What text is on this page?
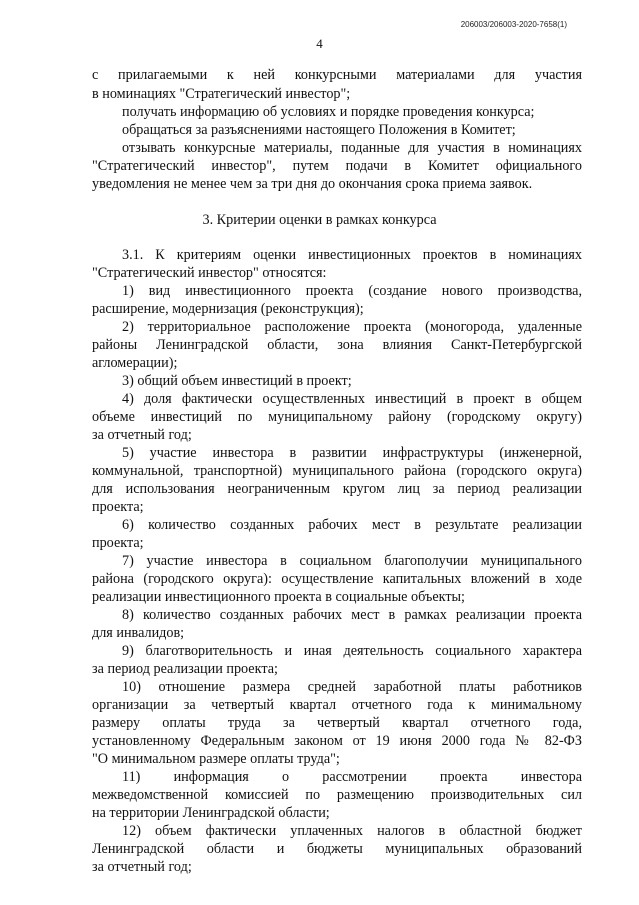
206003/206003-2020-7658(1)
4
с прилагаемыми к ней конкурсными материалами для участия
в номинациях "Стратегический инвестор";
получать информацию об условиях и порядке проведения конкурса;
обращаться за разъяснениями настоящего Положения в Комитет;
отзывать конкурсные материалы, поданные для участия в номинациях
"Стратегический инвестор", путем подачи в Комитет официального
уведомления не менее чем за три дня до окончания срока приема заявок.
3. Критерии оценки в рамках конкурса
3.1. К критериям оценки инвестиционных проектов в номинациях
"Стратегический инвестор" относятся:
1) вид инвестиционного проекта (создание нового производства,
расширение, модернизация (реконструкция);
2) территориальное расположение проекта (моногорода, удаленные
районы Ленинградской области, зона влияния Санкт-Петербургской
агломерации);
3) общий объем инвестиций в проект;
4) доля фактически осуществленных инвестиций в проект в общем
объеме инвестиций по муниципальному району (городскому округу)
за отчетный год;
5) участие инвестора в развитии инфраструктуры (инженерной,
коммунальной, транспортной) муниципального района (городского округа)
для использования неограниченным кругом лиц за период реализации
проекта;
6) количество созданных рабочих мест в результате реализации
проекта;
7) участие инвестора в социальном благополучии муниципального
района (городского округа): осуществление капитальных вложений в ходе
реализации инвестиционного проекта в социальные объекты;
8) количество созданных рабочих мест в рамках реализации проекта
для инвалидов;
9) благотворительность и иная деятельность социального характера
за период реализации проекта;
10) отношение размера средней заработной платы работников
организации за четвертый квартал отчетного года к минимальному
размеру оплаты труда за четвертый квартал отчетного года,
установленному Федеральным законом от 19 июня 2000 года № 82-ФЗ
"О минимальном размере оплаты труда";
11) информация о рассмотрении проекта инвестора
межведомственной комиссией по размещению производительных сил
на территории Ленинградской области;
12) объем фактически уплаченных налогов в областной бюджет
Ленинградской области и бюджеты муниципальных образований
за отчетный год;
